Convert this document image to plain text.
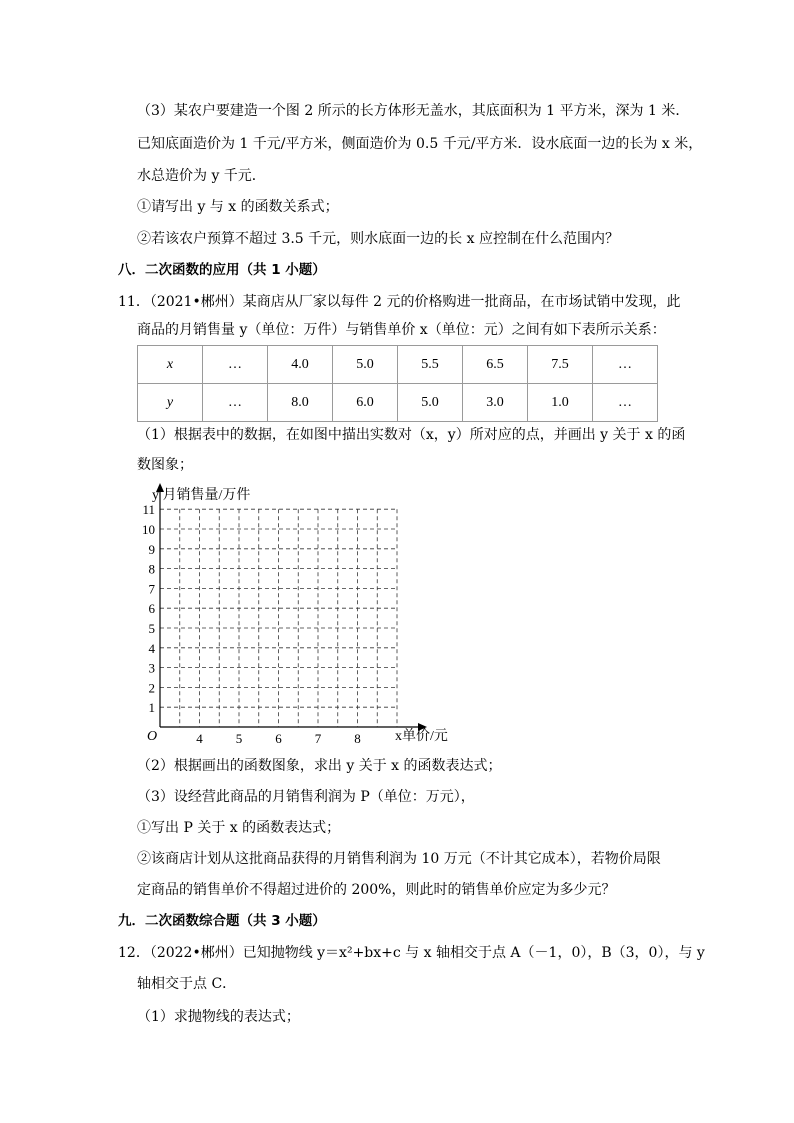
（3）某农户要建造一个图 2 所示的长方体形无盖水，其底面积为 1 平方米，深为 1 米．
已知底面造价为 1 千元/平方米，侧面造价为 0.5 千元/平方米．设水底面一边的长为 x 米，
水总造价为 y 千元．
①请写出 y 与 x 的函数关系式；
②若该农户预算不超过 3.5 千元，则水底面一边的长 x 应控制在什么范围内？
八．二次函数的应用（共 1 小题）
11．（2021•郴州）某商店从厂家以每件 2 元的价格购进一批商品，在市场试销中发现，此
商品的月销售量 y（单位：万件）与销售单价 x（单位：元）之间有如下表所示关系：
x	…	4.0	5.0	5.5	6.5	7.5	…
y	…	8.0	6.0	5.0	3.0	1.0	…
（1）根据表中的数据，在如图中描出实数对（x，y）所对应的点，并画出 y 关于 x 的函
数图象；
y 月销售量/万件
x单价/元
O
1
2
3
4
5
6
7
8
9
10
11
4	5	6	7	8
（2）根据画出的函数图象，求出 y 关于 x 的函数表达式；
（3）设经营此商品的月销售利润为 P（单位：万元），
①写出 P 关于 x 的函数表达式；
②该商店计划从这批商品获得的月销售利润为 10 万元（不计其它成本），若物价局限
定商品的销售单价不得超过进价的 200%，则此时的销售单价应定为多少元？
九．二次函数综合题（共 3 小题）
12．（2022•郴州）已知抛物线 y＝x²+bx+c 与 x 轴相交于点 A（－1，0），B（3，0），与 y
轴相交于点 C．
（1）求抛物线的表达式；
